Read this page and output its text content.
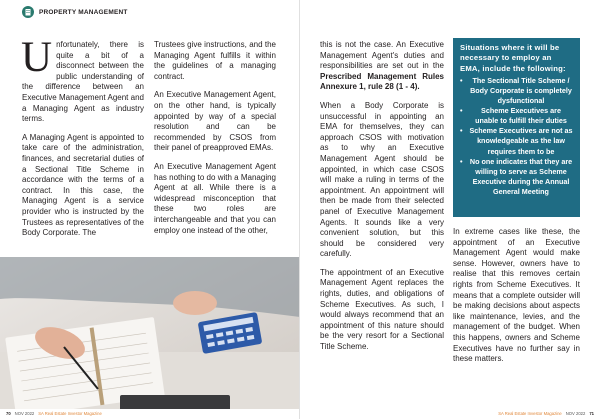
PROPERTY MANAGEMENT

Unfortunately, there is quite a bit of a disconnect between the public understanding of the difference between an Executive Management Agent and a Managing Agent as industry terms.

A Managing Agent is appointed to take care of the administration, finances, and secretarial duties of a Sectional Title Scheme in accordance with the terms of a contract. In this case, the Managing Agent is a service provider who is instructed by the Trustees as representatives of the Body Corporate. The

Trustees give instructions, and the Managing Agent fulfills it within the guidelines of a managing contract.

An Executive Management Agent, on the other hand, is typically appointed by way of a special resolution and can be recommended by CSOS from their panel of preapproved EMAs.

An Executive Management Agent has nothing to do with a Managing Agent at all. While there is a widespread misconception that these two roles are interchangeable and that you can employ one instead of the other,

70 NOV 2022 SA Real Estate Investor Magazine

this is not the case. An Executive Management Agent's duties and responsibilities are set out in the Prescribed Management Rules Annexure 1, rule 28 (1 - 4).

When a Body Corporate is unsuccessful in appointing an EMA for themselves, they can approach CSOS with motivation as to why an Executive Management Agent should be appointed, in which case CSOS will make a ruling in terms of the appointment. An appointment will then be made from their selected panel of Executive Management Agents. It sounds like a very convenient solution, but this should be considered very carefully.

The appointment of an Executive Management Agent replaces the rights, duties, and obligations of Scheme Executives. As such, I would always recommend that an appointment of this nature should be the very resort for a Sectional Title Scheme.

Situations where it will be necessary to employ an EMA, include the following:
• The Sectional Title Scheme / Body Corporate is completely dysfunctional
•	Scheme Executives are unable to fulfill their duties
• Scheme Executives are not as knowledgeable as the law requires them to be
• No one indicates that they are willing to serve as Scheme Executive during the Annual General Meeting

In extreme cases like these, the appointment of an Executive Management Agent would make sense. However, owners have to realise that this removes certain rights from Scheme Executives. It means that a complete outsider will be making decisions about aspects like maintenance, levies, and the management of the budget. When this happens, owners and Scheme Executives have no further say in these matters.

SA Real Estate Investor Magazine NOV 2022 71
